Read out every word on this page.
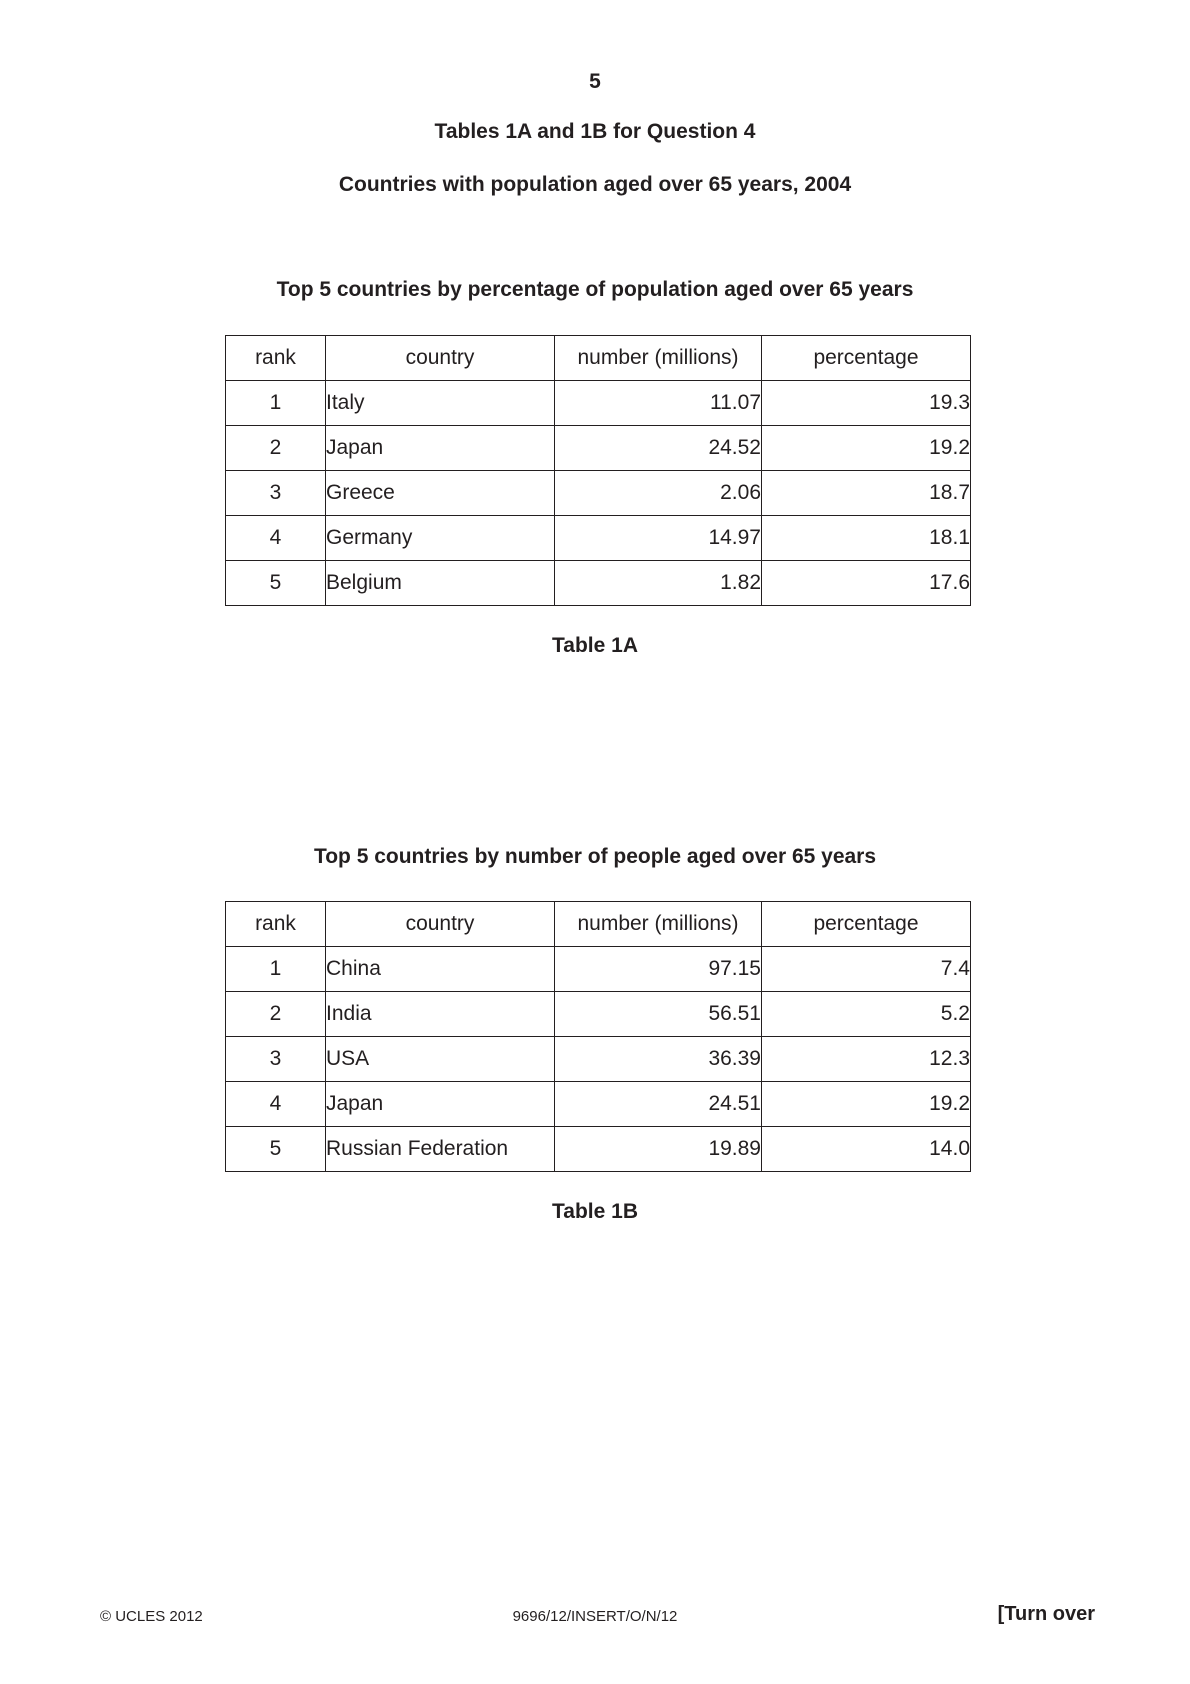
5
Tables 1A and 1B for Question 4
Countries with population aged over 65 years, 2004
Top 5 countries by percentage of population aged over 65 years
rank	country	number (millions)	percentage
1	Italy	11.07	19.3
2	Japan	24.52	19.2
3	Greece	2.06	18.7
4	Germany	14.97	18.1
5	Belgium	1.82	17.6
Table 1A
Top 5 countries by number of people aged over 65 years
rank	country	number (millions)	percentage
1	China	97.15	7.4
2	India	56.51	5.2
3	USA	36.39	12.3
4	Japan	24.51	19.2
5	Russian Federation	19.89	14.0
Table 1B
© UCLES 2012	9696/12/INSERT/O/N/12	[Turn over
